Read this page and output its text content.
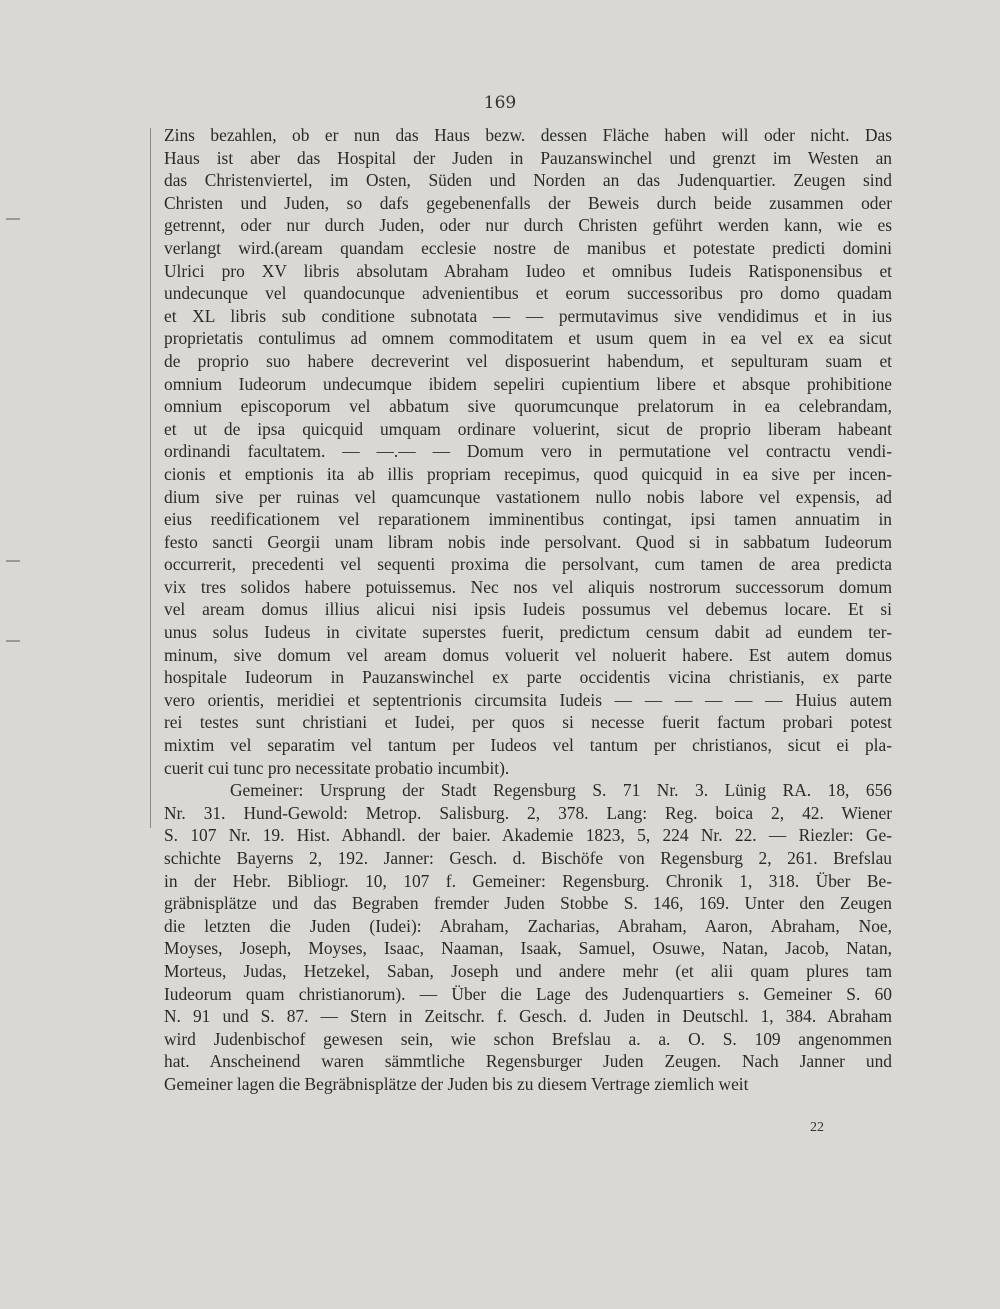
169
Zins bezahlen, ob er nun das Haus bezw. dessen Fläche haben will oder nicht. Das
Haus ist aber das Hospital der Juden in Pauzanswinchel und grenzt im Westen an
das Christenviertel, im Osten, Süden und Norden an das Judenquartier. Zeugen sind
Christen und Juden, so dafs gegebenenfalls der Beweis durch beide zusammen oder
getrennt, oder nur durch Juden, oder nur durch Christen geführt werden kann, wie es
verlangt wird.(aream quandam ecclesie nostre de manibus et potestate predicti domini
Ulrici pro XV libris absolutam Abraham Iudeo et omnibus Iudeis Ratisponensibus et
undecunque vel quandocunque advenientibus et eorum successoribus pro domo quadam
et XL libris sub conditione subnotata — — permutavimus sive vendidimus et in ius
proprietatis contulimus ad omnem commoditatem et usum quem in ea vel ex ea sicut
de proprio suo habere decreverint vel disposuerint habendum, et sepulturam suam et
omnium Iudeorum undecumque ibidem sepeliri cupientium libere et absque prohibitione
omnium episcoporum vel abbatum sive quorumcunque prelatorum in ea celebrandam,
et ut de ipsa quicquid umquam ordinare voluerint, sicut de proprio liberam habeant
ordinandi facultatem. — —.— — Domum vero in permutatione vel contractu vendi-
cionis et emptionis ita ab illis propriam recepimus, quod quicquid in ea sive per incen-
dium sive per ruinas vel quamcunque vastationem nullo nobis labore vel expensis, ad
eius reedificationem vel reparationem imminentibus contingat, ipsi tamen annuatim in
festo sancti Georgii unam libram nobis inde persolvant. Quod si in sabbatum Iudeorum
occurrerit, precedenti vel sequenti proxima die persolvant, cum tamen de area predicta
vix tres solidos habere potuissemus. Nec nos vel aliquis nostrorum successorum domum
vel aream domus illius alicui nisi ipsis Iudeis possumus vel debemus locare. Et si
unus solus Iudeus in civitate superstes fuerit, predictum censum dabit ad eundem ter-
minum, sive domum vel aream domus voluerit vel noluerit habere. Est autem domus
hospitale Iudeorum in Pauzanswinchel ex parte occidentis vicina christianis, ex parte
vero orientis, meridiei et septentrionis circumsita Iudeis — — — — — — Huius autem
rei testes sunt christiani et Iudei, per quos si necesse fuerit factum probari potest
mixtim vel separatim vel tantum per Iudeos vel tantum per christianos, sicut ei pla-
cuerit cui tunc pro necessitate probatio incumbit).
Gemeiner: Ursprung der Stadt Regensburg S. 71 Nr. 3. Lünig RA. 18, 656
Nr. 31. Hund-Gewold: Metrop. Salisburg. 2, 378. Lang: Reg. boica 2, 42. Wiener
S. 107 Nr. 19. Hist. Abhandl. der baier. Akademie 1823, 5, 224 Nr. 22. — Riezler: Ge-
schichte Bayerns 2, 192. Janner: Gesch. d. Bischöfe von Regensburg 2, 261. Brefslau
in der Hebr. Bibliogr. 10, 107 f. Gemeiner: Regensburg. Chronik 1, 318. Über Be-
gräbnisplätze und das Begraben fremder Juden Stobbe S. 146, 169. Unter den Zeugen
die letzten die Juden (Iudei): Abraham, Zacharias, Abraham, Aaron, Abraham, Noe,
Moyses, Joseph, Moyses, Isaac, Naaman, Isaak, Samuel, Osuwe, Natan, Jacob, Natan,
Morteus, Judas, Hetzekel, Saban, Joseph und andere mehr (et alii quam plures tam
Iudeorum quam christianorum). — Über die Lage des Judenquartiers s. Gemeiner S. 60
N. 91 und S. 87. — Stern in Zeitschr. f. Gesch. d. Juden in Deutschl. 1, 384. Abraham
wird Judenbischof gewesen sein, wie schon Brefslau a. a. O. S. 109 angenommen
hat. Anscheinend waren sämmtliche Regensburger Juden Zeugen. Nach Janner und
Gemeiner lagen die Begräbnisplätze der Juden bis zu diesem Vertrage ziemlich weit
22
